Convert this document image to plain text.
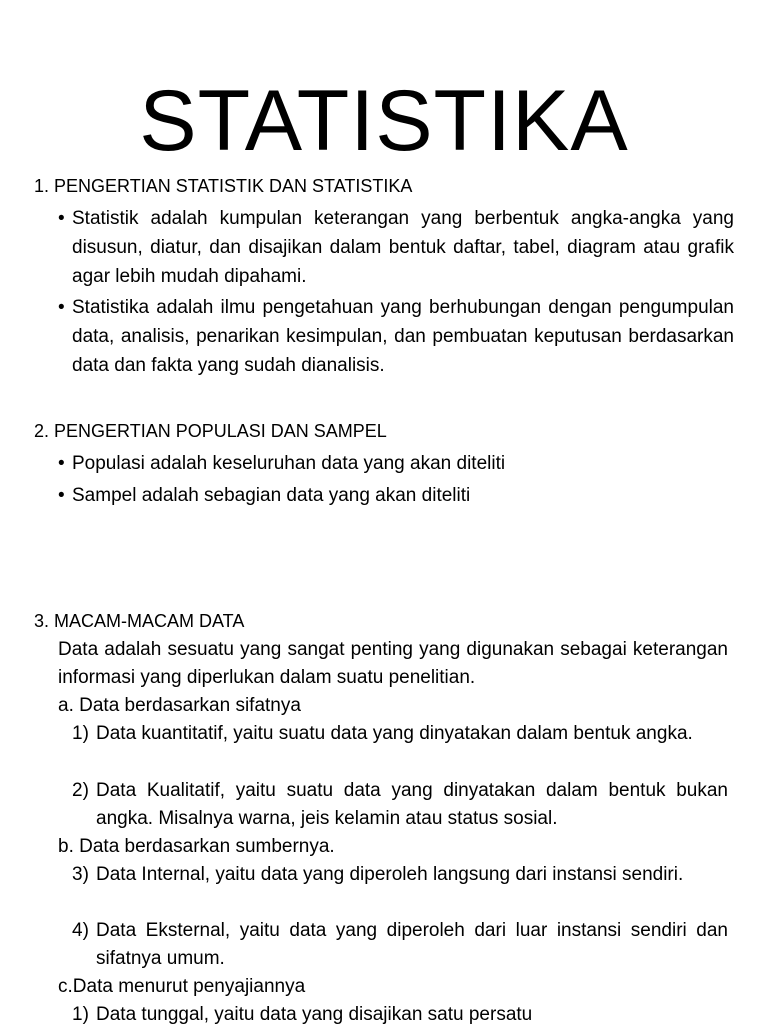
STATISTIKA
1. PENGERTIAN STATISTIK DAN STATISTIKA
• Statistik adalah kumpulan keterangan yang berbentuk angka-angka yang disusun, diatur, dan disajikan dalam bentuk daftar, tabel, diagram atau grafik agar lebih mudah dipahami.
• Statistika adalah ilmu pengetahuan yang berhubungan dengan pengumpulan data, analisis, penarikan kesimpulan, dan pembuatan keputusan berdasarkan data dan fakta yang sudah dianalisis.
2. PENGERTIAN POPULASI DAN SAMPEL
• Populasi adalah keseluruhan data yang akan diteliti
• Sampel adalah sebagian data yang akan diteliti
3. MACAM-MACAM DATA
Data adalah sesuatu yang sangat penting yang digunakan sebagai keterangan informasi yang diperlukan dalam suatu penelitian.
a. Data berdasarkan sifatnya
1) Data kuantitatif, yaitu suatu data yang dinyatakan dalam bentuk angka.
2) Data Kualitatif, yaitu suatu data yang dinyatakan dalam bentuk bukan angka. Misalnya warna, jeis kelamin atau status sosial.
b. Data berdasarkan sumbernya.
3) Data Internal, yaitu data yang diperoleh langsung dari instansi sendiri.
4) Data Eksternal, yaitu data yang diperoleh dari luar instansi sendiri dan sifatnya umum.
c.Data menurut penyajiannya
1) Data tunggal, yaitu data yang disajikan satu persatu
